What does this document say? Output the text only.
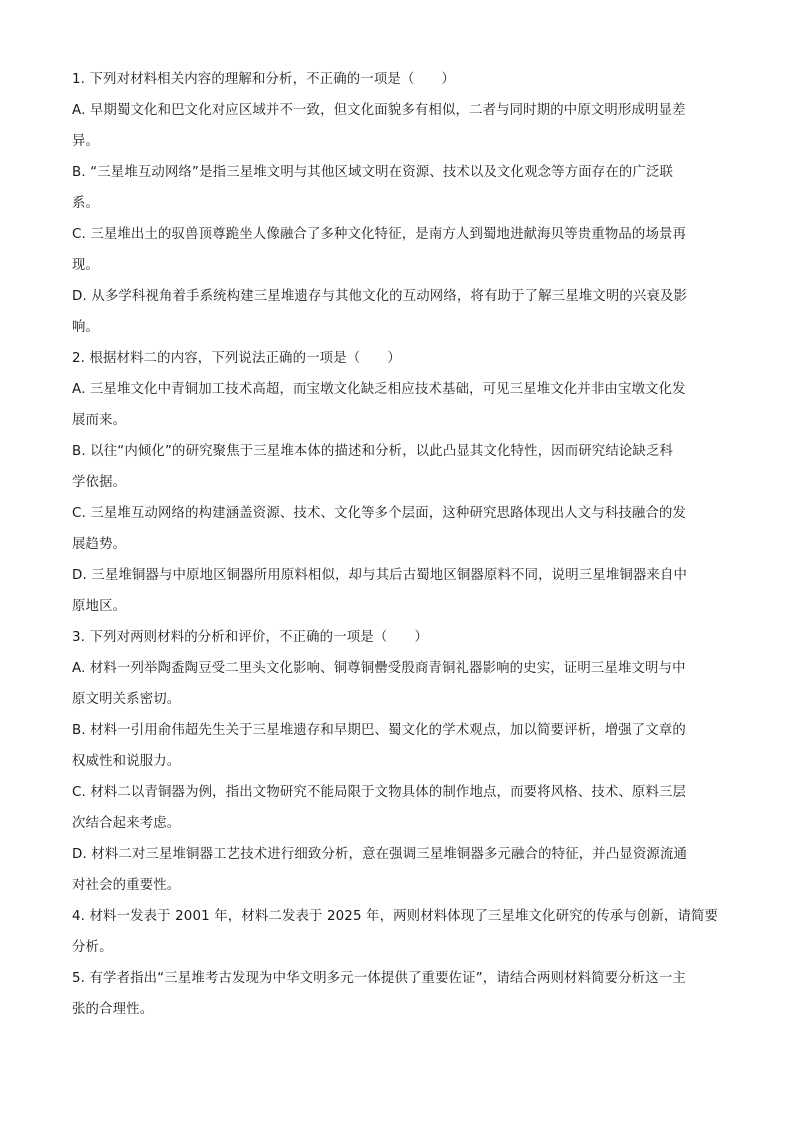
1. 下列对材料相关内容的理解和分析，不正确的一项是（　　）
A. 早期蜀文化和巴文化对应区域并不一致，但文化面貌多有相似，二者与同时期的中原文明形成明显差
异。
B. “三星堆互动网络”是指三星堆文明与其他区域文明在资源、技术以及文化观念等方面存在的广泛联
系。
C. 三星堆出土的驭兽顶尊跪坐人像融合了多种文化特征，是南方人到蜀地进献海贝等贵重物品的场景再
现。
D. 从多学科视角着手系统构建三星堆遗存与其他文化的互动网络，将有助于了解三星堆文明的兴衰及影
响。
2. 根据材料二的内容，下列说法正确的一项是（　　）
A. 三星堆文化中青铜加工技术高超，而宝墩文化缺乏相应技术基础，可见三星堆文化并非由宝墩文化发
展而来。
B. 以往“内倾化”的研究聚焦于三星堆本体的描述和分析，以此凸显其文化特性，因而研究结论缺乏科
学依据。
C. 三星堆互动网络的构建涵盖资源、技术、文化等多个层面，这种研究思路体现出人文与科技融合的发
展趋势。
D. 三星堆铜器与中原地区铜器所用原料相似，却与其后古蜀地区铜器原料不同，说明三星堆铜器来自中
原地区。
3. 下列对两则材料的分析和评价，不正确的一项是（　　）
A. 材料一列举陶盉陶豆受二里头文化影响、铜尊铜罍受殷商青铜礼器影响的史实，证明三星堆文明与中
原文明关系密切。
B. 材料一引用俞伟超先生关于三星堆遗存和早期巴、蜀文化的学术观点，加以简要评析，增强了文章的
权威性和说服力。
C. 材料二以青铜器为例，指出文物研究不能局限于文物具体的制作地点，而要将风格、技术、原料三层
次结合起来考虑。
D. 材料二对三星堆铜器工艺技术进行细致分析，意在强调三星堆铜器多元融合的特征，并凸显资源流通
对社会的重要性。
4. 材料一发表于 2001 年，材料二发表于 2025 年，两则材料体现了三星堆文化研究的传承与创新，请简要
分析。
5. 有学者指出“三星堆考古发现为中华文明多元一体提供了重要佐证”，请结合两则材料简要分析这一主
张的合理性。
